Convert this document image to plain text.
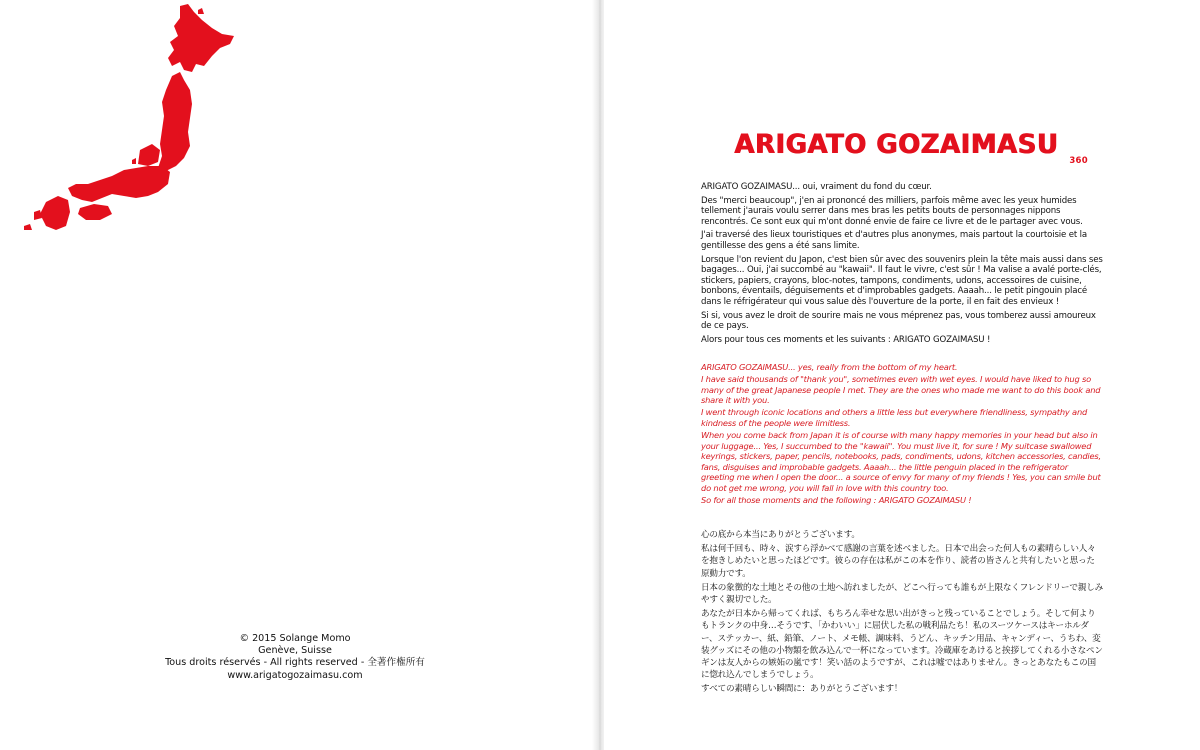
© 2015 Solange Momo
Genève, Suisse
Tous droits réservés - All rights reserved - 全著作権所有
www.arigatogozaimasu.com
ARIGATO GOZAIMASU
360

ARIGATO GOZAIMASU... oui, vraiment du fond du cœur.

Des "merci beaucoup", j'en ai prononcé des milliers, parfois même avec les yeux humides tellement j'aurais voulu serrer dans mes bras les petits bouts de personnages nippons rencontrés. Ce sont eux qui m'ont donné envie de faire ce livre et de le partager avec vous.

J'ai traversé des lieux touristiques et d'autres plus anonymes, mais partout la courtoisie et la gentillesse des gens a été sans limite.

Lorsque l'on revient du Japon, c'est bien sûr avec des souvenirs plein la tête mais aussi dans ses bagages... Oui, j'ai succombé au "kawaii". Il faut le vivre, c'est sûr ! Ma valise a avalé porte-clés, stickers, papiers, crayons, bloc-notes, tampons, condiments, udons, accessoires de cuisine, bonbons, éventails, déguisements et d'improbables gadgets. Aaaah... le petit pingouin placé dans le réfrigérateur qui vous salue dès l'ouverture de la porte, il en fait des envieux !

Si si, vous avez le droit de sourire mais ne vous méprenez pas, vous tomberez aussi amoureux de ce pays.

Alors pour tous ces moments et les suivants : ARIGATO GOZAIMASU !

ARIGATO GOZAIMASU... yes, really from the bottom of my heart.

I have said thousands of "thank you", sometimes even with wet eyes. I would have liked to hug so many of the great Japanese people I met. They are the ones who made me want to do this book and share it with you.

I went through iconic locations and others a little less but everywhere friendliness, sympathy and kindness of the people were limitless.

When you come back from Japan it is of course with many happy memories in your head but also in your luggage... Yes, I succumbed to the "kawaii". You must live it, for sure ! My suitcase swallowed keyrings, stickers, paper, pencils, notebooks, pads, condiments, udons, kitchen accessories, candies, fans, disguises and improbable gadgets. Aaaah... the little penguin placed in the refrigerator greeting me when I open the door... a source of envy for many of my friends ! Yes, you can smile but do not get me wrong, you will fall in love with this country too.

So for all those moments and the following : ARIGATO GOZAIMASU !

心の底から本当にありがとうございます。

私は何千回も、時々、涙すら浮かべて感謝の言葉を述べました。日本で出会った何人もの素晴らしい人々を抱きしめたいと思ったほどです。彼らの存在は私がこの本を作り、読者の皆さんと共有したいと思った原動力です。

日本の象徴的な土地とその他の土地へ訪れましたが、どこへ行っても誰もが上限なくフレンドリーで親しみやすく親切でした。

あなたが日本から帰ってくれば、もちろん幸せな思い出がきっと残っていることでしょう。そして何よりもトランクの中身…そうです、「かわいい」に屈伏した私の戦利品たち！私のスーツケースはキーホルダー、ステッカー、紙、鉛筆、ノート、メモ帳、調味料、うどん、キッチン用品、キャンディー、うちわ、変装グッズにその他の小物類を飲み込んで一杯になっています。冷蔵庫をあけると挨拶してくれる小さなペンギンは友人からの嫉妬の嵐です！笑い話のようですが、これは嘘ではありません。きっとあなたもこの国に惚れ込んでしまうでしょう。

すべての素晴らしい瞬間に：ありがとうございます！
